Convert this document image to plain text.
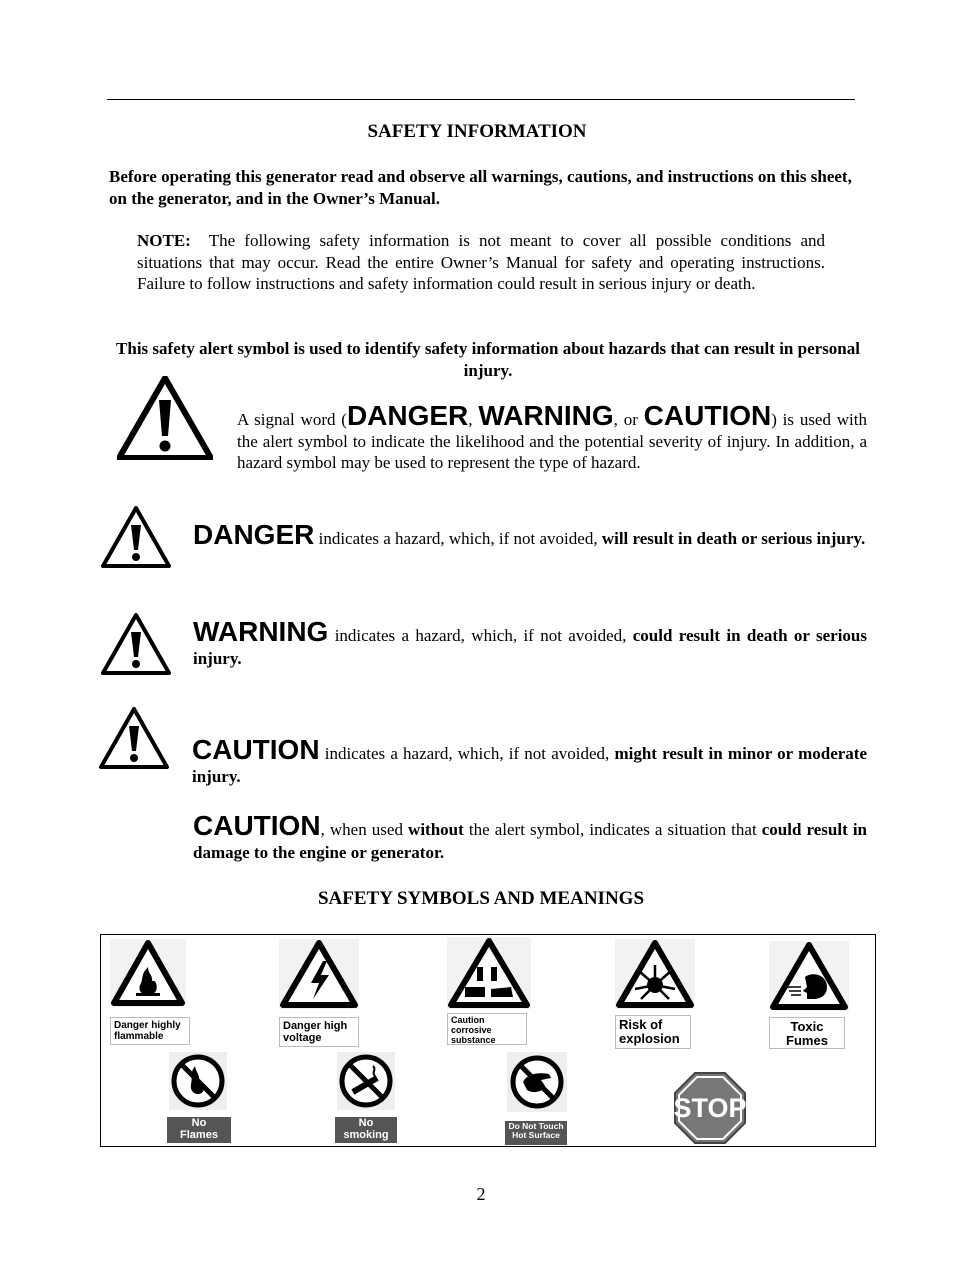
SAFETY INFORMATION
Before operating this generator read and observe all warnings, cautions, and instructions on this sheet, on the generator, and in the Owner’s Manual.
NOTE: The following safety information is not meant to cover all possible conditions and situations that may occur. Read the entire Owner’s Manual for safety and operating instructions. Failure to follow instructions and safety information could result in serious injury or death.
This safety alert symbol is used to identify safety information about hazards that can result in personal injury.
A signal word (DANGER, WARNING, or CAUTION) is used with the alert symbol to indicate the likelihood and the potential severity of injury. In addition, a hazard symbol may be used to represent the type of hazard.
DANGER indicates a hazard, which, if not avoided, will result in death or serious injury.
WARNING indicates a hazard, which, if not avoided, could result in death or serious injury.
CAUTION indicates a hazard, which, if not avoided, might result in minor or moderate injury.
CAUTION, when used without the alert symbol, indicates a situation that could result in damage to the engine or generator.
SAFETY SYMBOLS AND MEANINGS
Danger highly
flammable
Danger high
voltage
Caution
corrosive
substance
Risk of
explosion
Toxic
Fumes
No
Flames
No
smoking
Do Not Touch
Hot Surface
STOP
2
